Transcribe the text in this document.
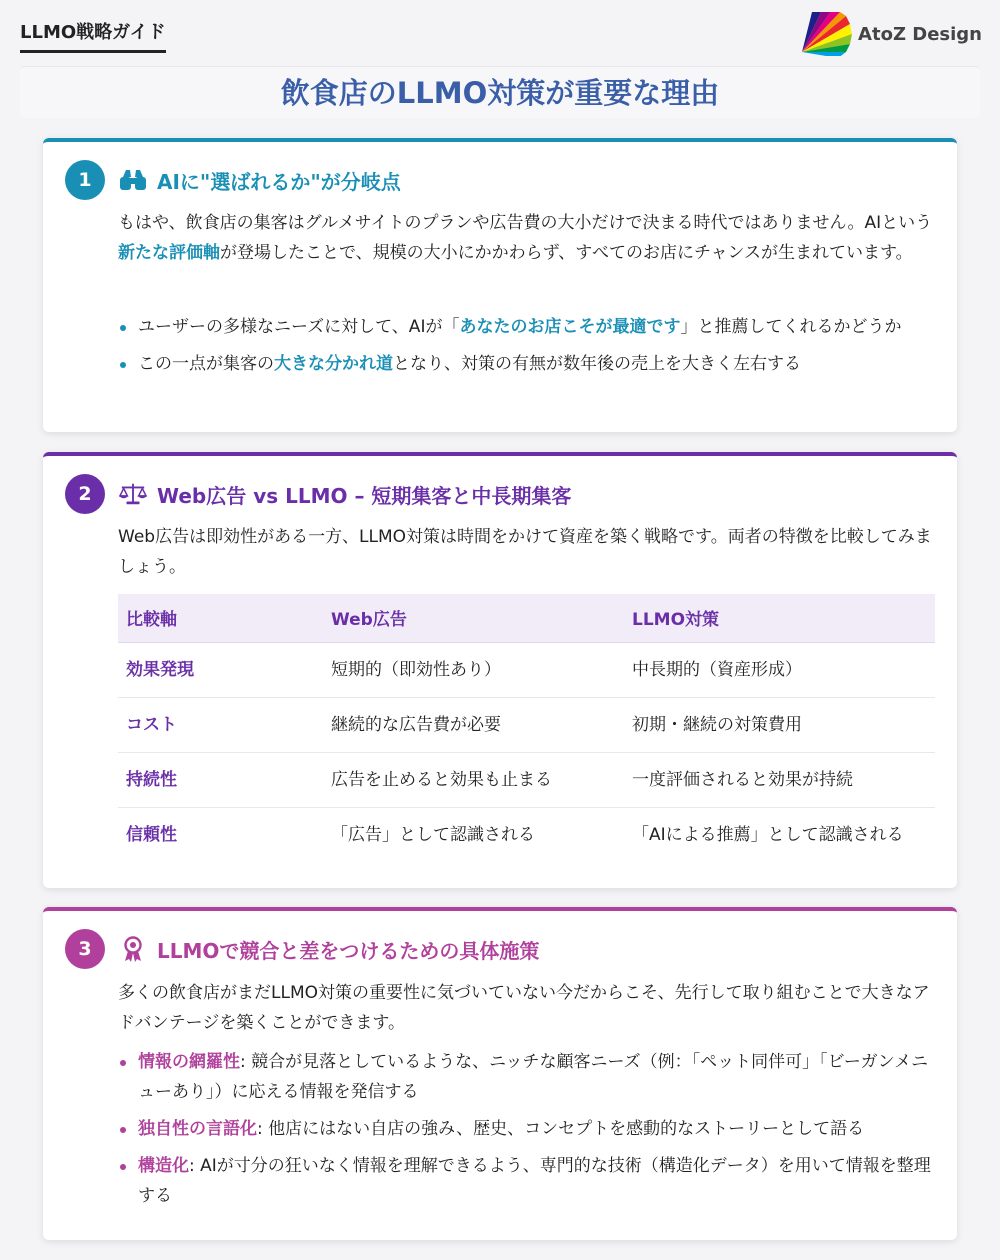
LLMO戦略ガイド	AtoZ Design
飲食店のLLMO対策が重要な理由
1	AIに"選ばれるか"が分岐点

もはや、飲食店の集客はグルメサイトのプランや広告費の大小だけで決まる時代ではありません。AIという新たな評価軸が登場したことで、規模の大小にかかわらず、すべてのお店にチャンスが生まれています。

ユーザーの多様なニーズに対して、AIが「あなたのお店こそが最適です」と推薦してくれるかどうか
この一点が集客の大きな分かれ道となり、対策の有無が数年後の売上を大きく左右する
2	Web広告 vs LLMO – 短期集客と中長期集客

Web広告は即効性がある一方、LLMO対策は時間をかけて資産を築く戦略です。両者の特徴を比較してみましょう。

比較軸	Web広告	LLMO対策
効果発現	短期的（即効性あり）	中長期的（資産形成）
コスト	継続的な広告費が必要	初期・継続の対策費用
持続性	広告を止めると効果も止まる	一度評価されると効果が持続
信頼性	「広告」として認識される	「AIによる推薦」として認識される
3	LLMOで競合と差をつけるための具体施策

多くの飲食店がまだLLMO対策の重要性に気づいていない今だからこそ、先行して取り組むことで大きなアドバンテージを築くことができます。

情報の網羅性: 競合が見落としているような、ニッチな顧客ニーズ（例：「ペット同伴可」「ビーガンメニューあり」）に応える情報を発信する
独自性の言語化: 他店にはない自店の強み、歴史、コンセプトを感動的なストーリーとして語る
構造化: AIが寸分の狂いなく情報を理解できるよう、専門的な技術（構造化データ）を用いて情報を整理する
